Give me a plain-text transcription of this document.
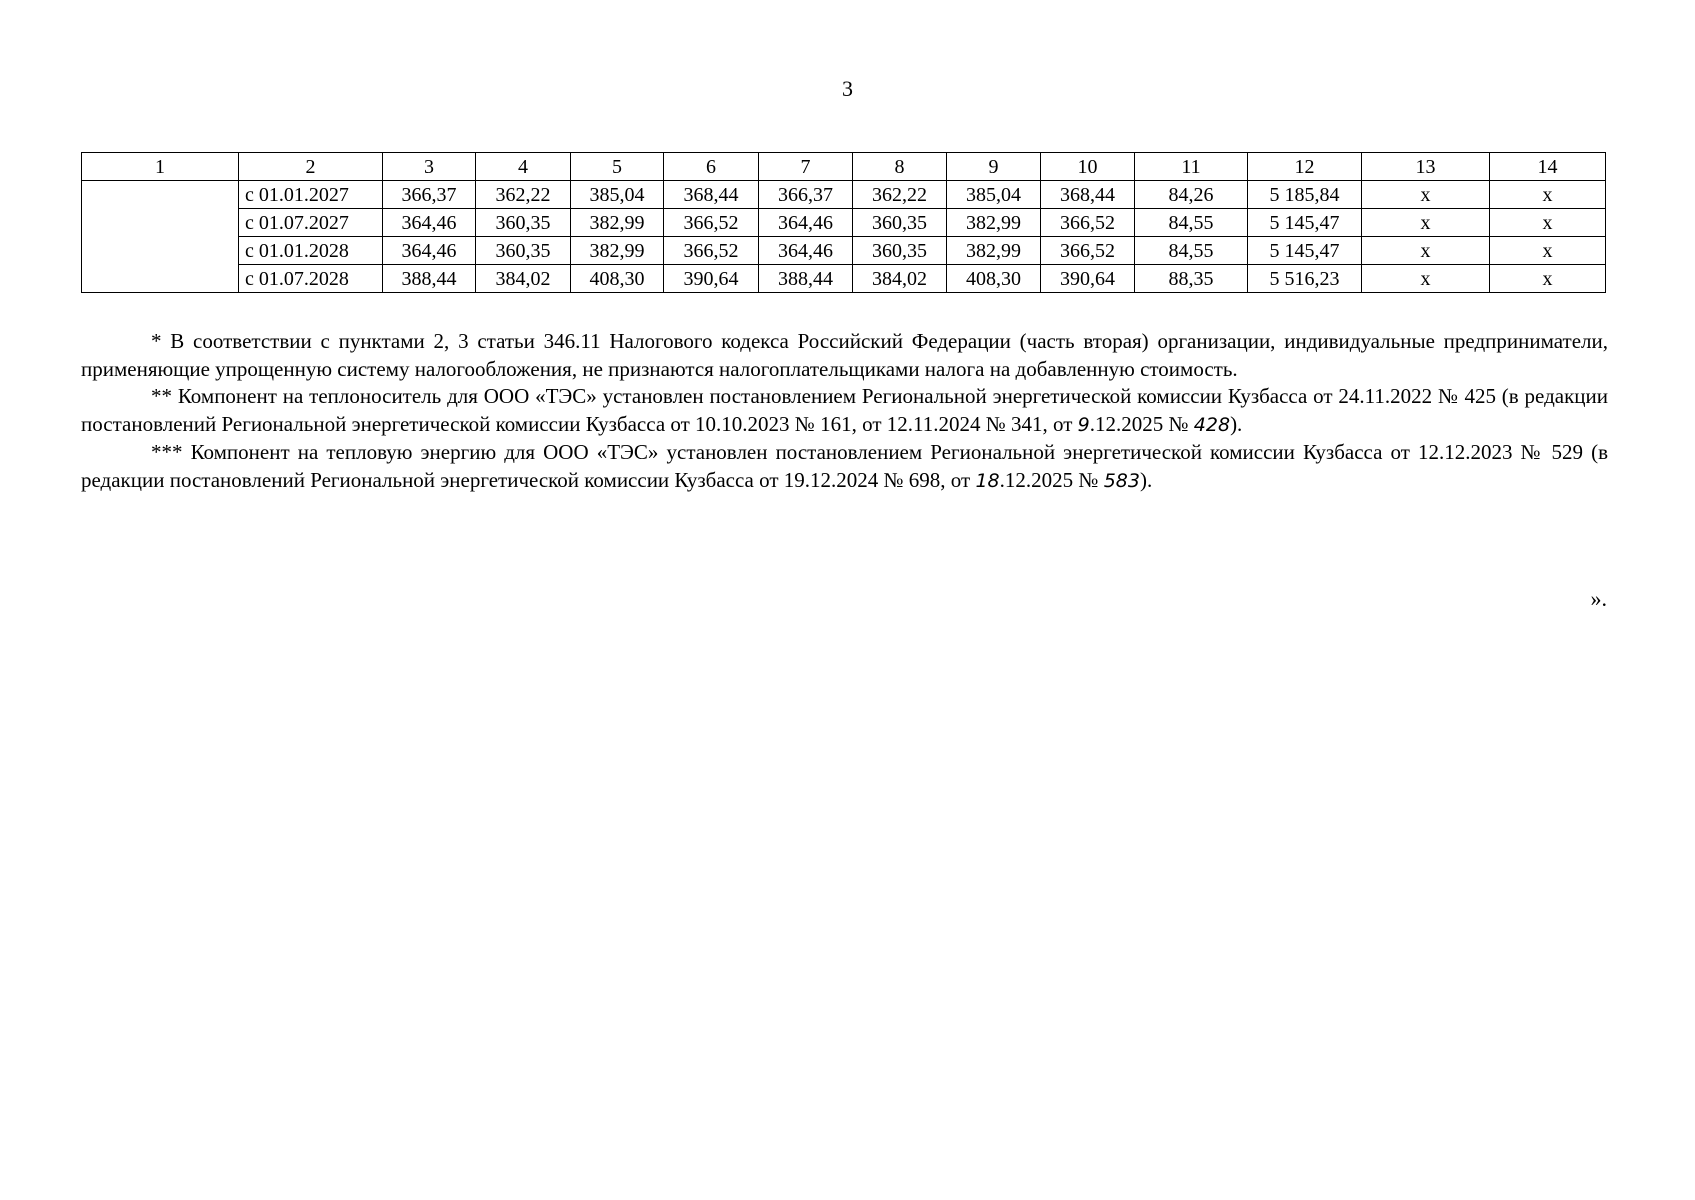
3
1	2	3	4	5	6	7	8	9	10	11	12	13	14
	с 01.01.2027	366,37	362,22	385,04	368,44	366,37	362,22	385,04	368,44	84,26	5 185,84	х	х
	с 01.07.2027	364,46	360,35	382,99	366,52	364,46	360,35	382,99	366,52	84,55	5 145,47	х	х
	с 01.01.2028	364,46	360,35	382,99	366,52	364,46	360,35	382,99	366,52	84,55	5 145,47	х	х
	с 01.07.2028	388,44	384,02	408,30	390,64	388,44	384,02	408,30	390,64	88,35	5 516,23	х	х

* В соответствии с пунктами 2, 3 статьи 346.11 Налогового кодекса Российский Федерации (часть вторая) организации, индивидуальные предприниматели, применяющие упрощенную систему налогообложения, не признаются налогоплательщиками налога на добавленную стоимость.

** Компонент на теплоноситель для ООО «ТЭС» установлен постановлением Региональной энергетической комиссии Кузбасса от 24.11.2022 № 425 (в редакции постановлений Региональной энергетической комиссии Кузбасса от 10.10.2023 № 161, от 12.11.2024 № 341, от 9.12.2025 № 428).

*** Компонент на тепловую энергию для ООО «ТЭС» установлен постановлением Региональной энергетической комиссии Кузбасса от 12.12.2023 № 529 (в редакции постановлений Региональной энергетической комиссии Кузбасса от 19.12.2024 № 698, от 18.12.2025 № 583).

».
